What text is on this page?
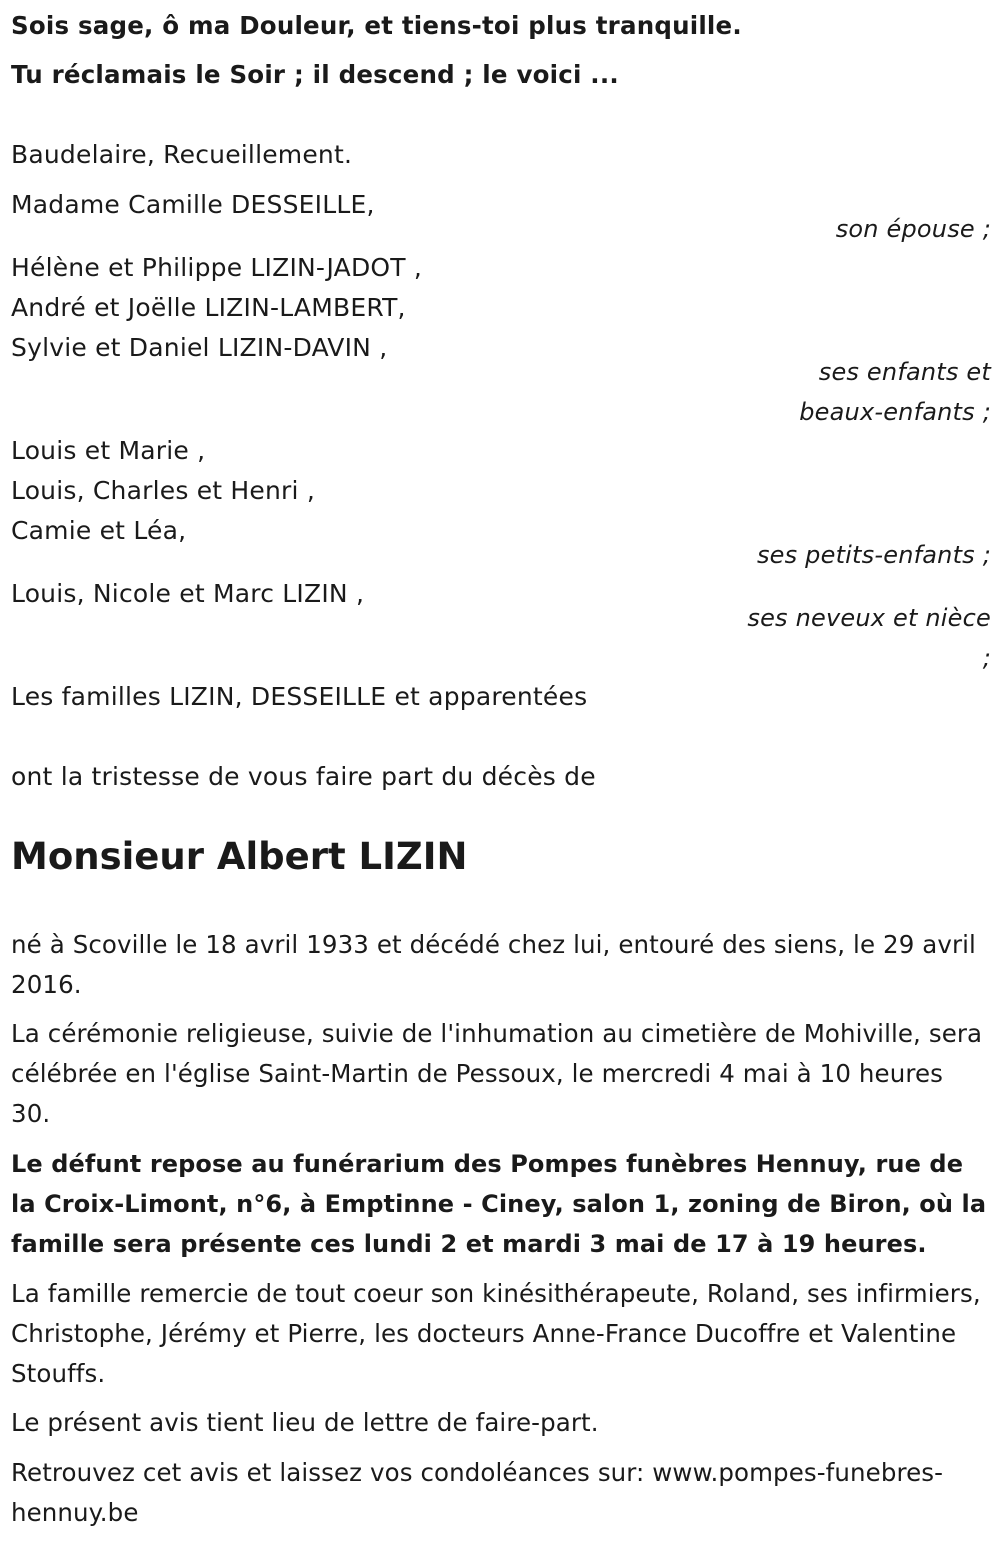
Sois sage, ô ma Douleur, et tiens-toi plus tranquille.
Tu réclamais le Soir ; il descend ; le voici ...
Baudelaire, Recueillement.
Madame Camille DESSEILLE,
son épouse ;
Hélène et Philippe LIZIN-JADOT ,
André et Joëlle LIZIN-LAMBERT,
Sylvie et Daniel LIZIN-DAVIN ,
ses enfants et
beaux-enfants ;
Louis et Marie ,
Louis, Charles et Henri ,
Camie et Léa,
ses petits-enfants ;
Louis, Nicole et Marc LIZIN ,
ses neveux et nièce
;
Les familles LIZIN, DESSEILLE et apparentées
ont la tristesse de vous faire part du décès de
Monsieur Albert LIZIN
né à Scoville le 18 avril 1933 et décédé chez lui, entouré des siens, le 29 avril 2016.
La cérémonie religieuse, suivie de l'inhumation au cimetière de Mohiville, sera célébrée en l'église Saint-Martin de Pessoux, le mercredi 4 mai à 10 heures 30.
Le défunt repose au funérarium des Pompes funèbres Hennuy, rue de la Croix-Limont, n°6, à Emptinne - Ciney, salon 1, zoning de Biron, où la famille sera présente ces lundi 2 et mardi 3 mai de 17 à 19 heures.
La famille remercie de tout coeur son kinésithérapeute, Roland, ses infirmiers, Christophe, Jérémy et Pierre, les docteurs Anne-France Ducoffre et Valentine Stouffs.
Le présent avis tient lieu de lettre de faire-part.
Retrouvez cet avis et laissez vos condoléances sur: www.pompes-funebres-hennuy.be
